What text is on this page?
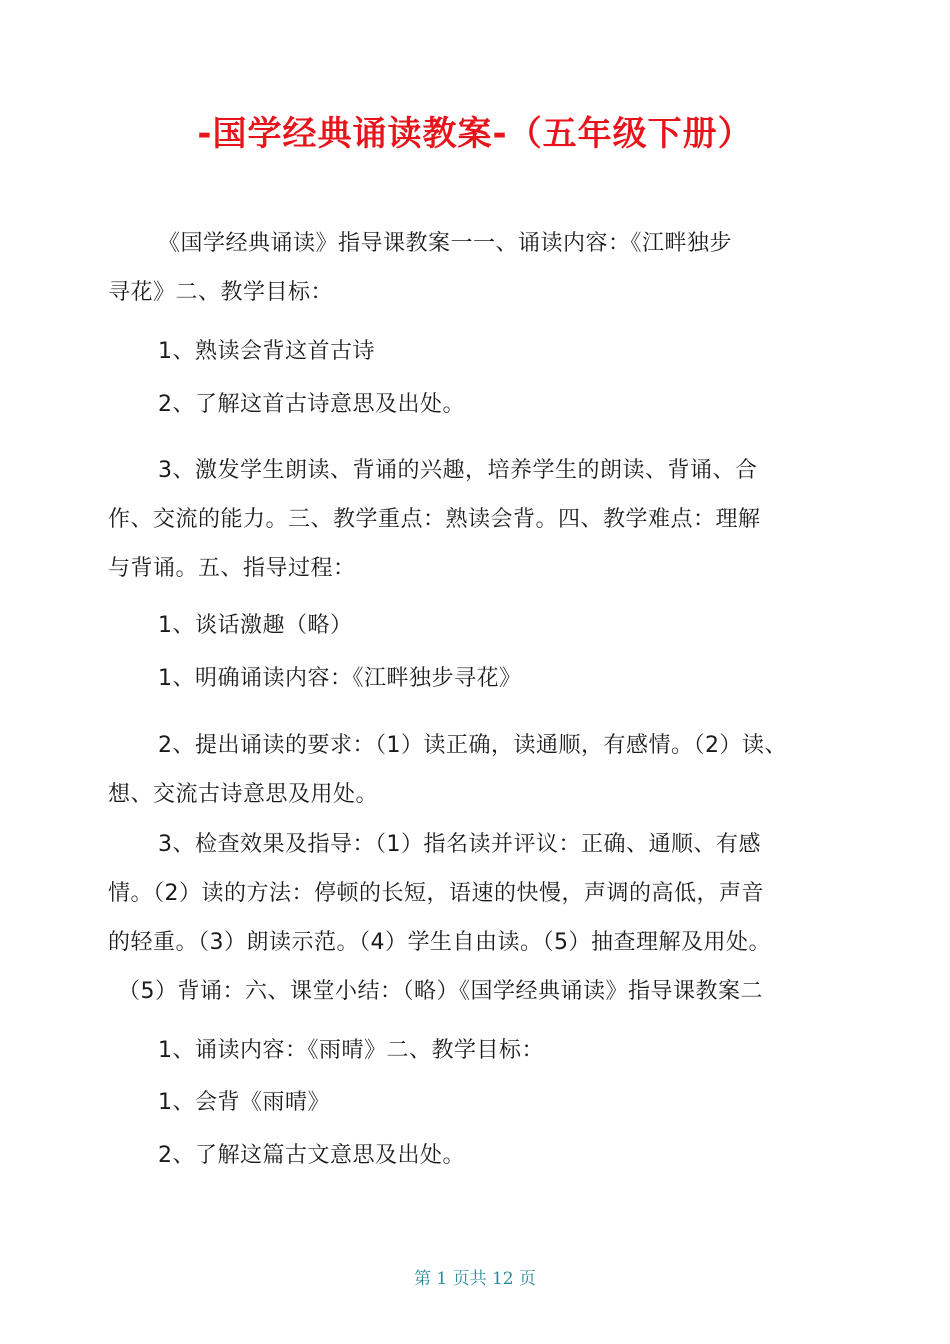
-国学经典诵读教案-（五年级下册）
《国学经典诵读》指导课教案一一、诵读内容：《江畔独步
寻花》二、教学目标：
1、熟读会背这首古诗
2、了解这首古诗意思及出处。
3、激发学生朗读、背诵的兴趣，培养学生的朗读、背诵、合
作、交流的能力。三、教学重点：熟读会背。四、教学难点：理解
与背诵。五、指导过程：
1、谈话激趣（略）
1、明确诵读内容：《江畔独步寻花》
2、提出诵读的要求：（1）读正确，读通顺，有感情。（2）读、
想、交流古诗意思及用处。
3、检查效果及指导：（1）指名读并评议：正确、通顺、有感
情。（2）读的方法：停顿的长短，语速的快慢，声调的高低，声音
的轻重。（3）朗读示范。（4）学生自由读。（5）抽查理解及用处。
（5）背诵：六、课堂小结：（略）《国学经典诵读》指导课教案二
1、诵读内容：《雨晴》二、教学目标：
1、会背《雨晴》
2、了解这篇古文意思及出处。
第 1 页共 12 页
